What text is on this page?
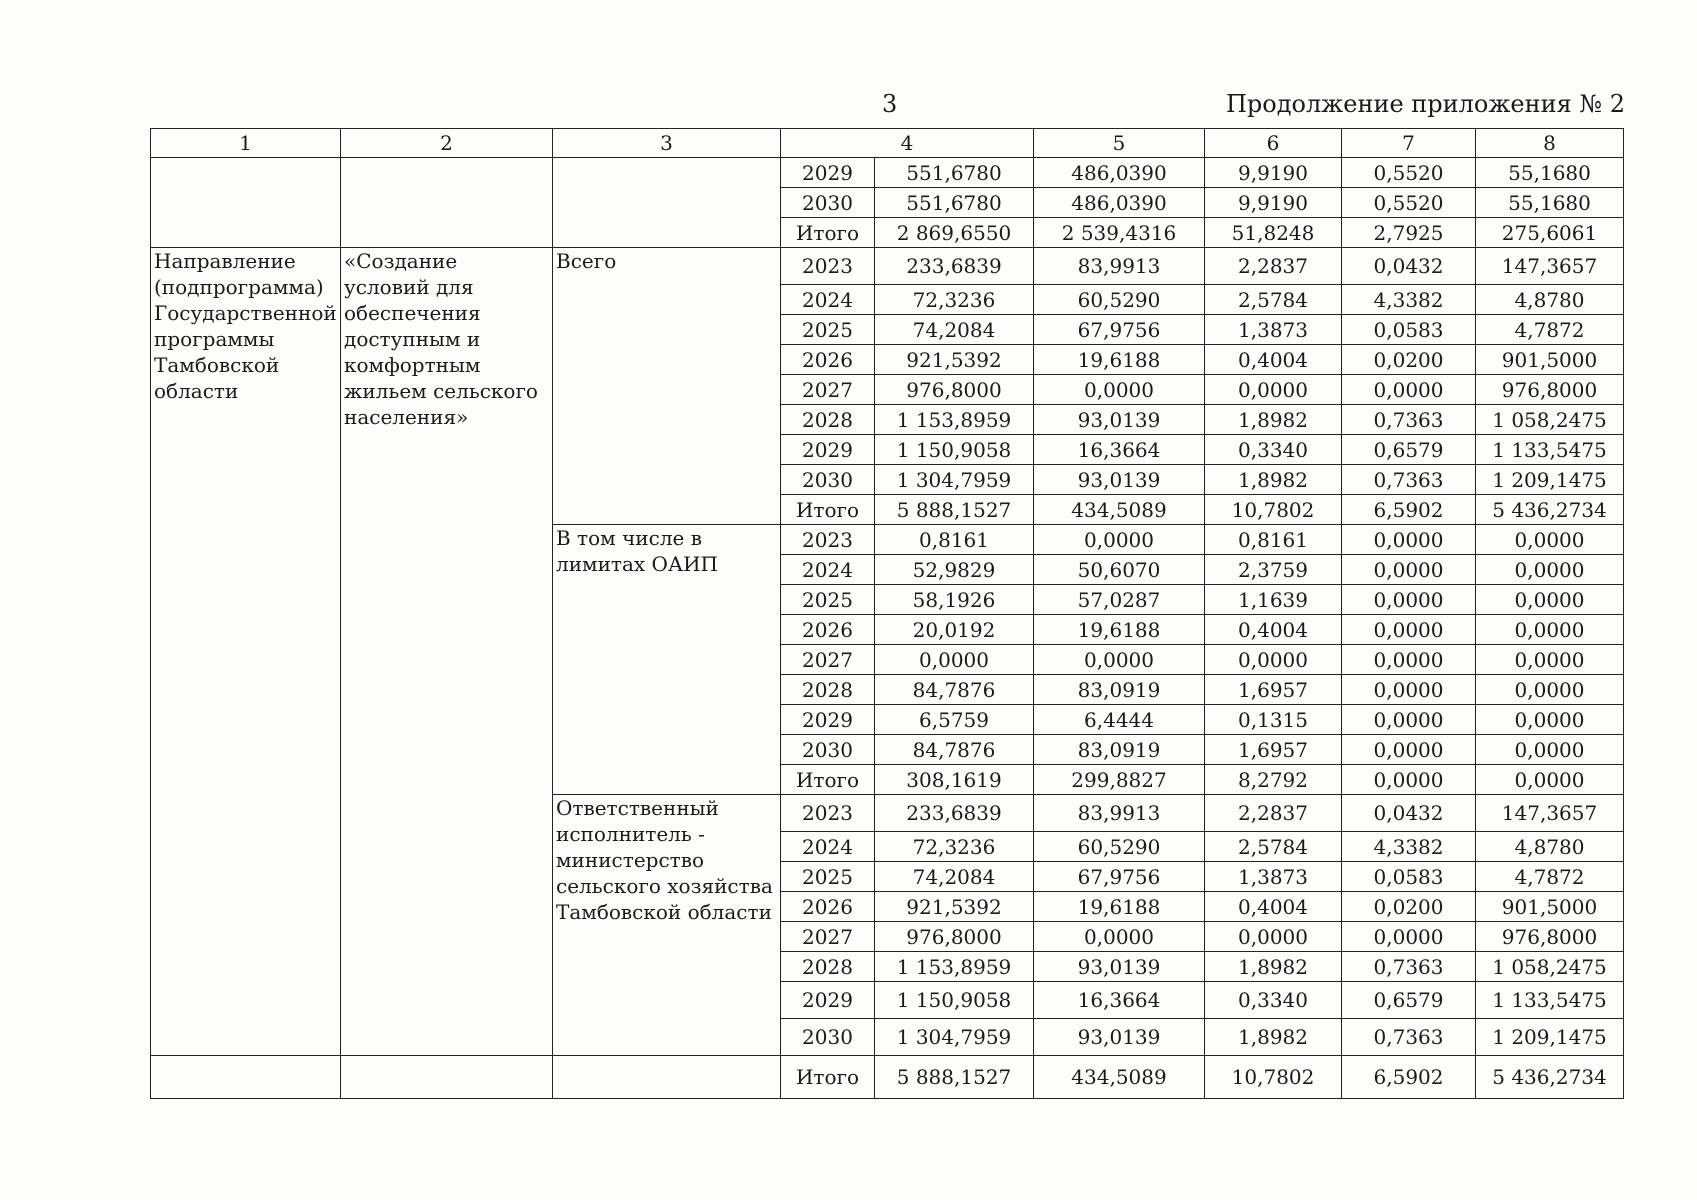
3	Продолжение приложения № 2
1	2	3	4		5	6	7	8
			2029	551,6780	486,0390	9,9190	0,5520	55,1680
			2030	551,6780	486,0390	9,9190	0,5520	55,1680
			Итого	2 869,6550	2 539,4316	51,8248	2,7925	275,6061
Направление (подпрограмма) Государственной программы Тамбовской области	«Создание условий для обеспечения доступным и комфортным жильем сельского населения»	Всего	2023	233,6839	83,9913	2,2837	0,0432	147,3657
			2024	72,3236	60,5290	2,5784	4,3382	4,8780
			2025	74,2084	67,9756	1,3873	0,0583	4,7872
			2026	921,5392	19,6188	0,4004	0,0200	901,5000
			2027	976,8000	0,0000	0,0000	0,0000	976,8000
			2028	1 153,8959	93,0139	1,8982	0,7363	1 058,2475
			2029	1 150,9058	16,3664	0,3340	0,6579	1 133,5475
			2030	1 304,7959	93,0139	1,8982	0,7363	1 209,1475
			Итого	5 888,1527	434,5089	10,7802	6,5902	5 436,2734
		В том числе в лимитах ОАИП	2023	0,8161	0,0000	0,8161	0,0000	0,0000
			2024	52,9829	50,6070	2,3759	0,0000	0,0000
			2025	58,1926	57,0287	1,1639	0,0000	0,0000
			2026	20,0192	19,6188	0,4004	0,0000	0,0000
			2027	0,0000	0,0000	0,0000	0,0000	0,0000
			2028	84,7876	83,0919	1,6957	0,0000	0,0000
			2029	6,5759	6,4444	0,1315	0,0000	0,0000
			2030	84,7876	83,0919	1,6957	0,0000	0,0000
			Итого	308,1619	299,8827	8,2792	0,0000	0,0000
		Ответственный исполнитель - министерство сельского хозяйства Тамбовской области	2023	233,6839	83,9913	2,2837	0,0432	147,3657
			2024	72,3236	60,5290	2,5784	4,3382	4,8780
			2025	74,2084	67,9756	1,3873	0,0583	4,7872
			2026	921,5392	19,6188	0,4004	0,0200	901,5000
			2027	976,8000	0,0000	0,0000	0,0000	976,8000
			2028	1 153,8959	93,0139	1,8982	0,7363	1 058,2475
			2029	1 150,9058	16,3664	0,3340	0,6579	1 133,5475
			2030	1 304,7959	93,0139	1,8982	0,7363	1 209,1475
			Итого	5 888,1527	434,5089	10,7802	6,5902	5 436,2734
